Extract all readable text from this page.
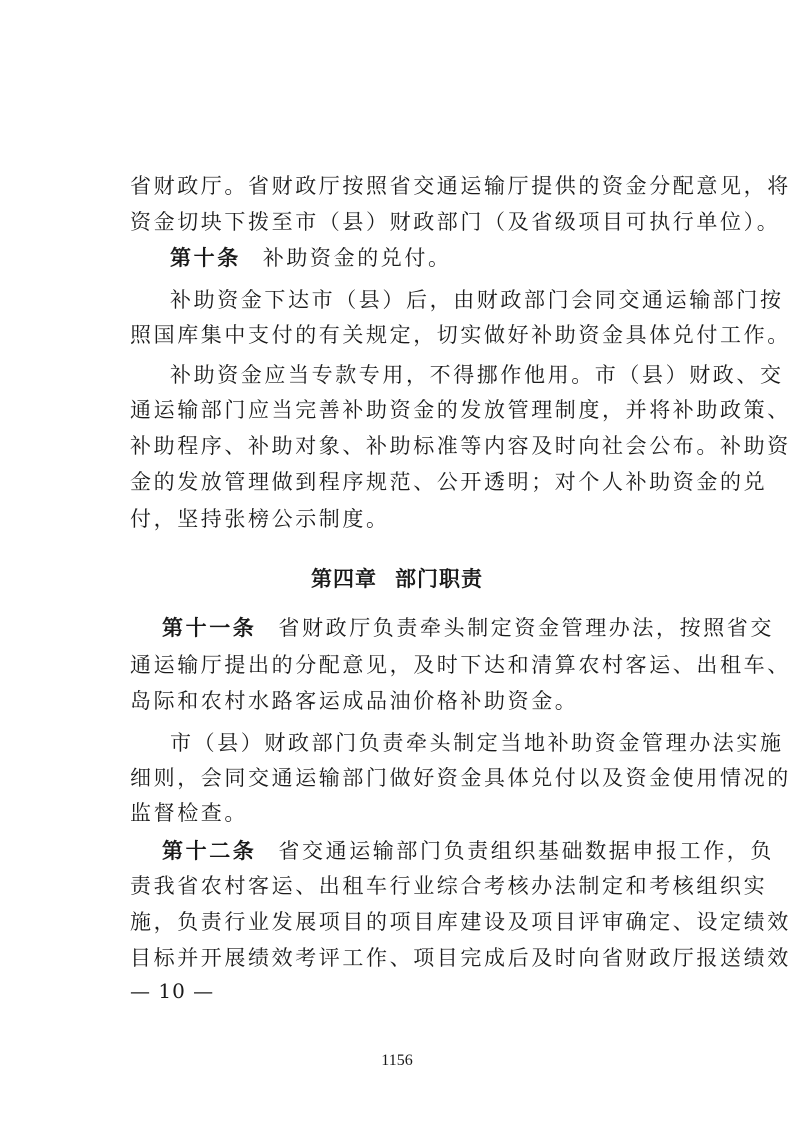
省财政厅。省财政厅按照省交通运输厅提供的资金分配意见，将
资金切块下拨至市（县）财政部门（及省级项目可执行单位）。
第十条 补助资金的兑付。
补助资金下达市（县）后，由财政部门会同交通运输部门按
照国库集中支付的有关规定，切实做好补助资金具体兑付工作。
补助资金应当专款专用，不得挪作他用。市（县）财政、交
通运输部门应当完善补助资金的发放管理制度，并将补助政策、
补助程序、补助对象、补助标准等内容及时向社会公布。补助资
金的发放管理做到程序规范、公开透明；对个人补助资金的兑
付，坚持张榜公示制度。
第四章 部门职责
第十一条 省财政厅负责牵头制定资金管理办法，按照省交
通运输厅提出的分配意见，及时下达和清算农村客运、出租车、
岛际和农村水路客运成品油价格补助资金。
市（县）财政部门负责牵头制定当地补助资金管理办法实施
细则，会同交通运输部门做好资金具体兑付以及资金使用情况的
监督检查。
第十二条 省交通运输部门负责组织基础数据申报工作，负
责我省农村客运、出租车行业综合考核办法制定和考核组织实
施，负责行业发展项目的项目库建设及项目评审确定、设定绩效
目标并开展绩效考评工作、项目完成后及时向省财政厅报送绩效
— 10 —
1156
